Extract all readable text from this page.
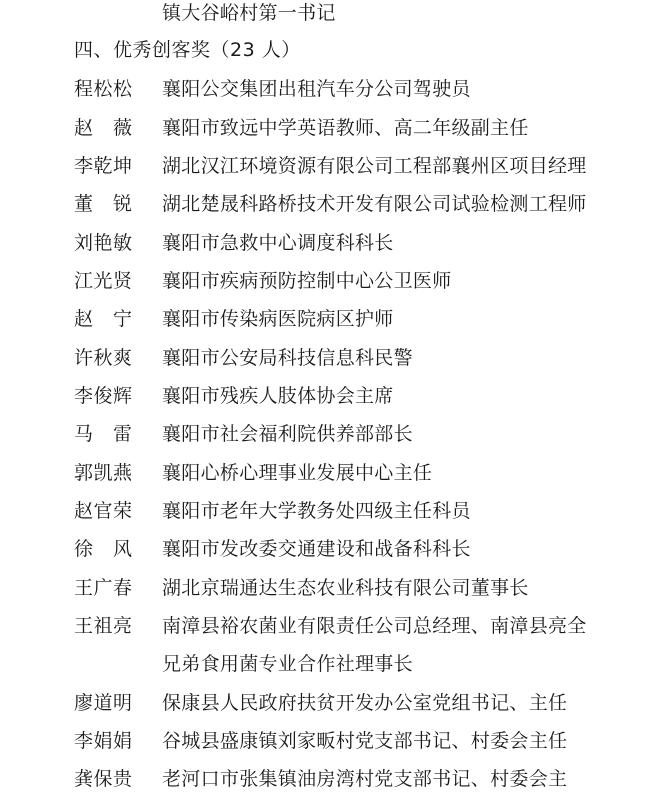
镇大谷峪村第一书记
四、优秀创客奖（23 人）
程松松 襄阳公交集团出租汽车分公司驾驶员
赵　薇 襄阳市致远中学英语教师、高二年级副主任
李乾坤 湖北汉江环境资源有限公司工程部襄州区项目经理
董　锐 湖北楚晟科路桥技术开发有限公司试验检测工程师
刘艳敏 襄阳市急救中心调度科科长
江光贤 襄阳市疾病预防控制中心公卫医师
赵　宁 襄阳市传染病医院病区护师
许秋爽 襄阳市公安局科技信息科民警
李俊辉 襄阳市残疾人肢体协会主席
马　雷 襄阳市社会福利院供养部部长
郭凯燕 襄阳心桥心理事业发展中心主任
赵官荣 襄阳市老年大学教务处四级主任科员
徐　风 襄阳市发改委交通建设和战备科科长
王广春 湖北京瑞通达生态农业科技有限公司董事长
王祖亮 南漳县裕农菌业有限责任公司总经理、南漳县亮全
兄弟食用菌专业合作社理事长
廖道明 保康县人民政府扶贫开发办公室党组书记、主任
李娟娟 谷城县盛康镇刘家畈村党支部书记、村委会主任
龚保贵 老河口市张集镇油房湾村党支部书记、村委会主
